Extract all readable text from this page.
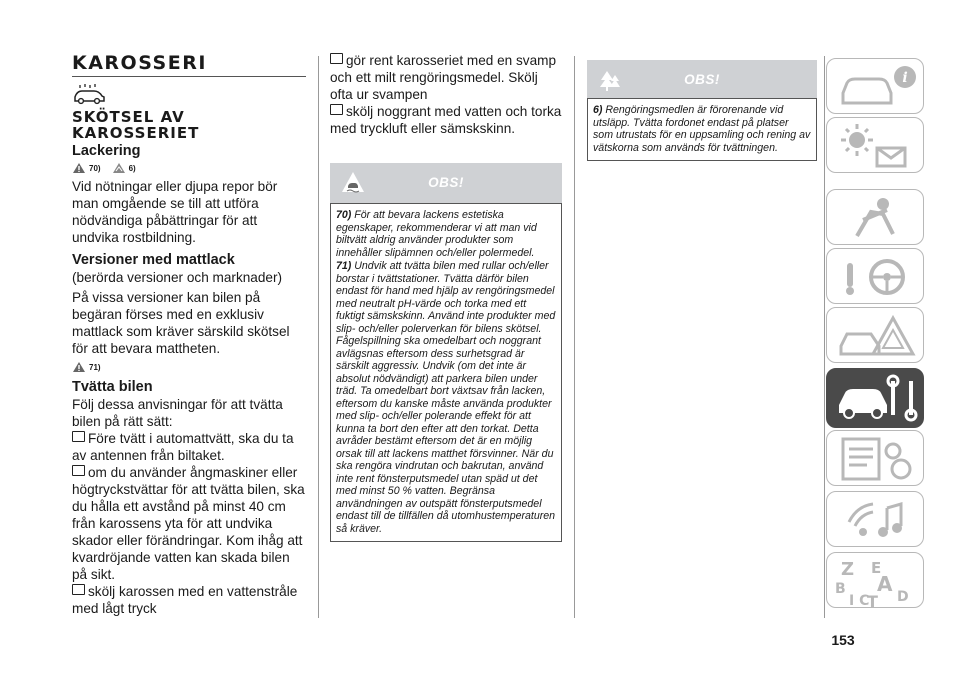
KAROSSERI
SKÖTSEL AV KAROSSERIET
Lackering
70)	6)

Vid nötningar eller djupa repor bör man omgående se till att utföra nödvändiga påbättringar för att undvika rostbildning.

Versioner med mattlack

(berörda versioner och marknader)

På vissa versioner kan bilen på begäran förses med en exklusiv mattlack som kräver särskild skötsel för att bevara mattheten.

71)
Tvätta bilen

Följ dessa anvisningar för att tvätta bilen på rätt sätt:

Före tvätt i automattvätt, ska du ta av antennen från biltaket.

om du använder ångmaskiner eller högtryckstvättar för att tvätta bilen, ska du hålla ett avstånd på minst 40 cm från karossens yta för att undvika skador eller förändringar. Kom ihåg att kvardröjande vatten kan skada bilen på sikt.

skölj karossen med en vattenstråle med lågt tryck

gör rent karosseriet med en svamp och ett milt rengöringsmedel. Skölj ofta ur svampen

skölj noggrant med vatten och torka med tryckluft eller sämskskinn.

OBS!

70) För att bevara lackens estetiska egenskaper, rekommenderar vi att man vid biltvätt aldrig använder produkter som innehåller slipämnen och/eller polermedel.

71) Undvik att tvätta bilen med rullar och/eller borstar i tvättstationer. Tvätta därför bilen endast för hand med hjälp av rengöringsmedel med neutralt pH-värde och torka med ett fuktigt sämskskinn. Använd inte produkter med slip- och/eller polerverkan för bilens skötsel. Fågelspillning ska omedelbart och noggrant avlägsnas eftersom dess surhetsgrad är särskilt aggressiv. Undvik (om det inte är absolut nödvändigt) att parkera bilen under träd. Ta omedelbart bort växtsav från lacken, eftersom du kanske måste använda produkter med slip- och/eller polerande effekt för att kunna ta bort den efter att den torkat. Detta avråder bestämt eftersom det är en möjlig orsak till att lackens matthet försvinner. När du ska rengöra vindrutan och bakrutan, använd inte rent fönsterputsmedel utan späd ut det med minst 50 % vatten. Begränsa användningen av outspätt fönsterputsmedel endast till de tillfällen då utomhustemperaturen så kräver.

OBS!

6) Rengöringsmedlen är förorenande vid utsläpp. Tvätta fordonet endast på platser som utrustats för en uppsamling och rening av vätskorna som används för tvättningen.

i
Z E
B A
I C
T D
153
